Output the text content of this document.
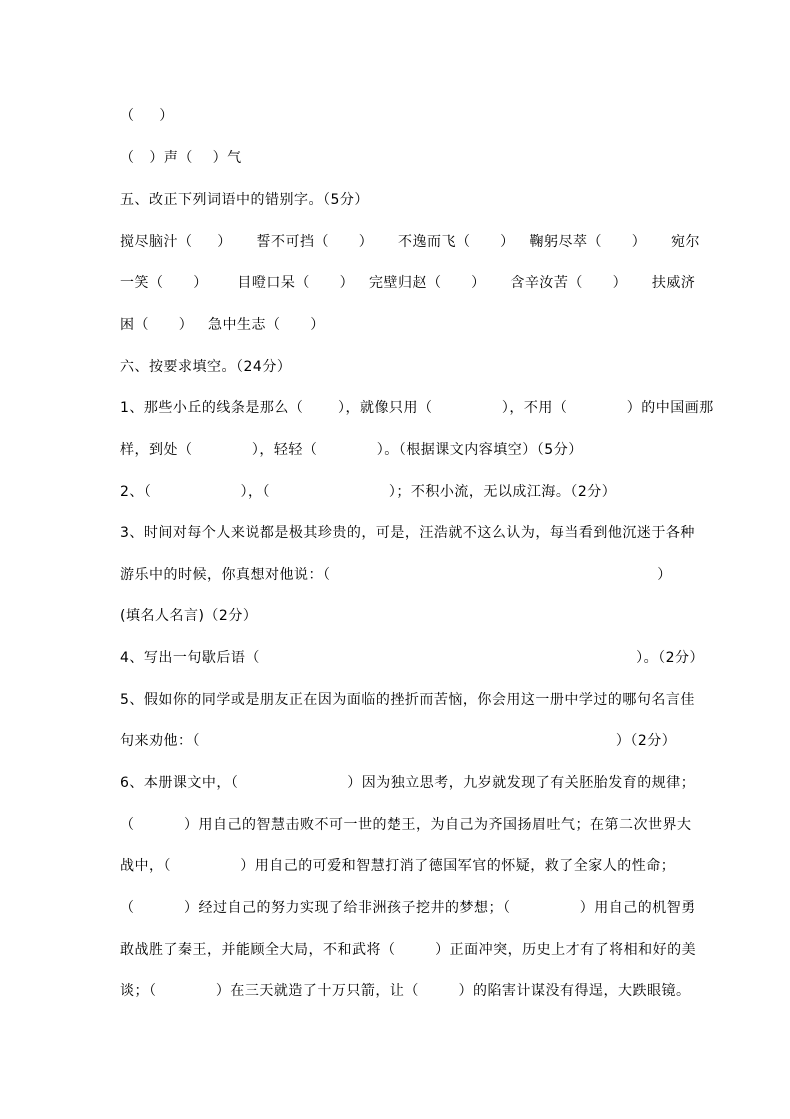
（     ）
（   ）声（    ）气
五、改正下列词语中的错别字。（5分）
搅尽脑汁（     ）     誓不可挡（      ）     不逸而飞（      ）   鞠躬尽萃（      ）     宛尔
一笑（      ）      目噔口呆（      ）   完壁归赵（      ）     含辛汝苦（      ）     扶威济
困（      ）   急中生志（      ）
六、按要求填空。（24分）
1、那些小丘的线条是那么（       ），就像只用（              ），不用（            ）的中国画那
样，到处（            ），轻轻（            ）。（根据课文内容填空）（5分）
2、（                  ），（                        ）；不积小流，无以成江海。（2分）
3、时间对每个人来说都是极其珍贵的，可是，汪浩就不这么认为，每当看到他沉迷于各种
游乐中的时候，你真想对他说：（                                                                  ）
(填名人名言)（2分）
4、写出一句歇后语（                                                                            ）。（2分）
5、假如你的同学或是朋友正在因为面临的挫折而苦恼，你会用这一册中学过的哪句名言佳
句来劝他：（                                                                                    ）（2分）
6、本册课文中，（                      ）因为独立思考，九岁就发现了有关胚胎发育的规律；
（          ）用自己的智慧击败不可一世的楚王，为自己为齐国扬眉吐气；在第二次世界大
战中，（              ）用自己的可爱和智慧打消了德国军官的怀疑，救了全家人的性命；
（          ）经过自己的努力实现了给非洲孩子挖井的梦想；（              ）用自己的机智勇
敢战胜了秦王，并能顾全大局，不和武将（        ）正面冲突，历史上才有了将相和好的美
谈；（            ）在三天就造了十万只箭，让（        ）的陷害计谋没有得逞，大跌眼镜。
